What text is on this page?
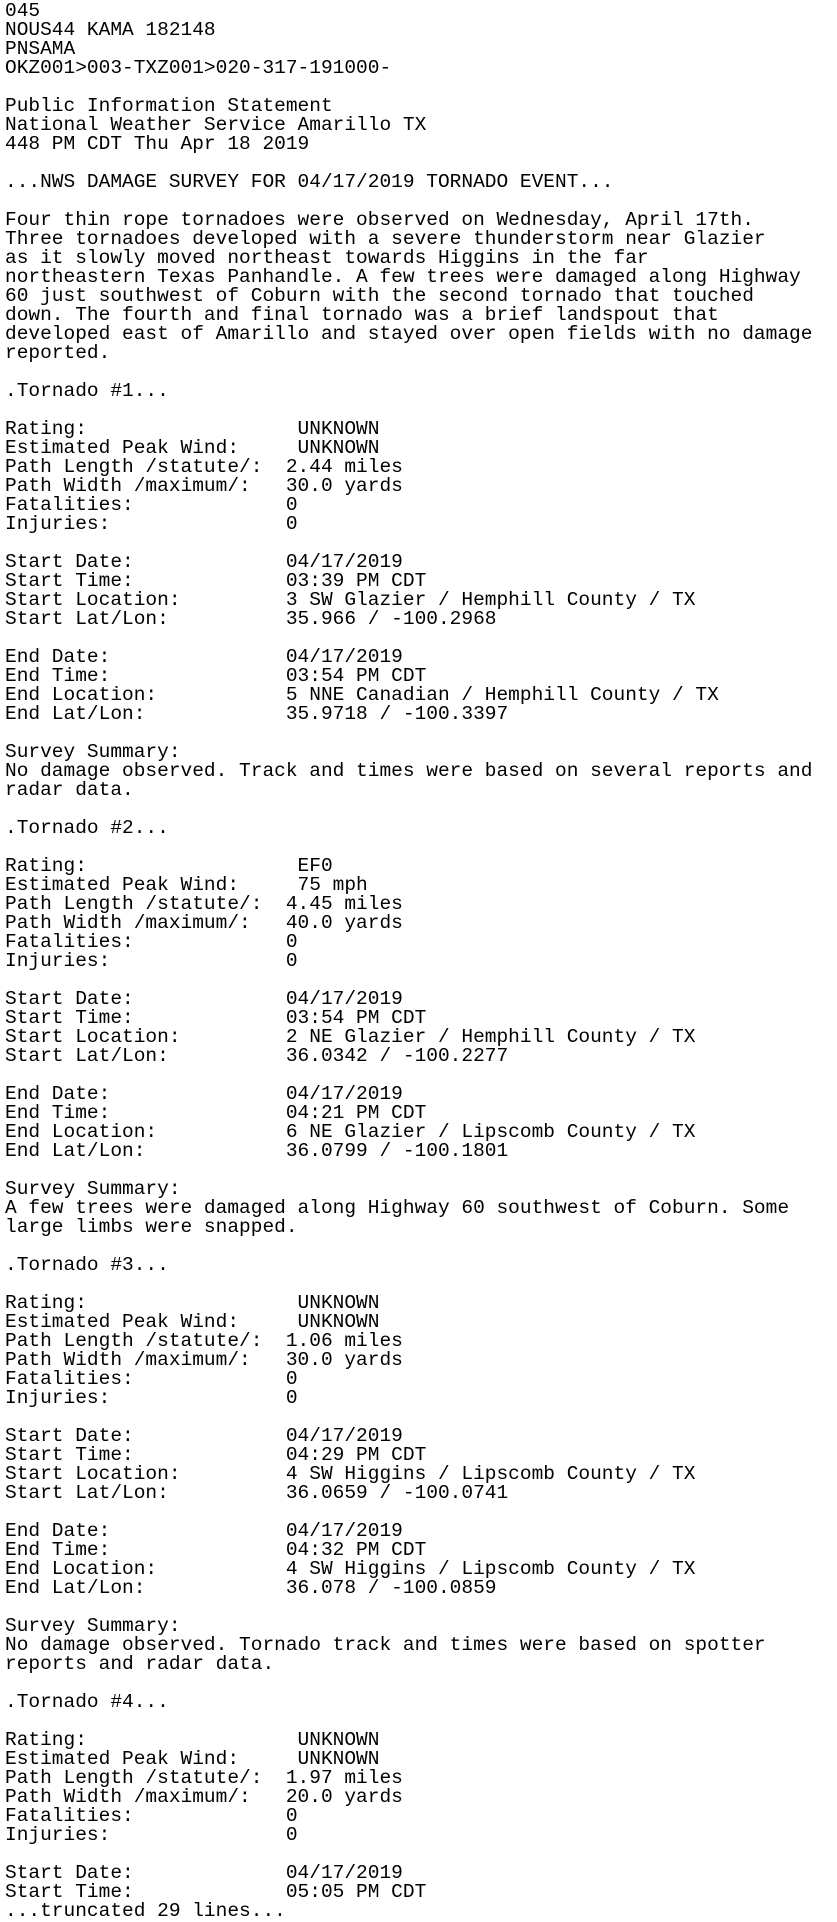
045
NOUS44 KAMA 182148
PNSAMA
OKZ001>003-TXZ001>020-317-191000-
Public Information Statement
National Weather Service Amarillo TX
448 PM CDT Thu Apr 18 2019
...NWS DAMAGE SURVEY FOR 04/17/2019 TORNADO EVENT...
Four thin rope tornadoes were observed on Wednesday, April 17th.
Three tornadoes developed with a severe thunderstorm near Glazier
as it slowly moved northeast towards Higgins in the far
northeastern Texas Panhandle. A few trees were damaged along Highway
60 just southwest of Coburn with the second tornado that touched
down. The fourth and final tornado was a brief landspout that
developed east of Amarillo and stayed over open fields with no damage
reported.
.Tornado #1...
Rating:                  UNKNOWN
Estimated Peak Wind:     UNKNOWN
Path Length /statute/:  2.44 miles
Path Width /maximum/:   30.0 yards
Fatalities:             0
Injuries:               0
Start Date:             04/17/2019
Start Time:             03:39 PM CDT
Start Location:         3 SW Glazier / Hemphill County / TX
Start Lat/Lon:          35.966 / -100.2968
End Date:               04/17/2019
End Time:               03:54 PM CDT
End Location:           5 NNE Canadian / Hemphill County / TX
End Lat/Lon:            35.9718 / -100.3397
Survey Summary:
No damage observed. Track and times were based on several reports and
radar data.
.Tornado #2...
Rating:                  EF0
Estimated Peak Wind:     75 mph
Path Length /statute/:  4.45 miles
Path Width /maximum/:   40.0 yards
Fatalities:             0
Injuries:               0
Start Date:             04/17/2019
Start Time:             03:54 PM CDT
Start Location:         2 NE Glazier / Hemphill County / TX
Start Lat/Lon:          36.0342 / -100.2277
End Date:               04/17/2019
End Time:               04:21 PM CDT
End Location:           6 NE Glazier / Lipscomb County / TX
End Lat/Lon:            36.0799 / -100.1801
Survey Summary:
A few trees were damaged along Highway 60 southwest of Coburn. Some
large limbs were snapped.
.Tornado #3...
Rating:                  UNKNOWN
Estimated Peak Wind:     UNKNOWN
Path Length /statute/:  1.06 miles
Path Width /maximum/:   30.0 yards
Fatalities:             0
Injuries:               0
Start Date:             04/17/2019
Start Time:             04:29 PM CDT
Start Location:         4 SW Higgins / Lipscomb County / TX
Start Lat/Lon:          36.0659 / -100.0741
End Date:               04/17/2019
End Time:               04:32 PM CDT
End Location:           4 SW Higgins / Lipscomb County / TX
End Lat/Lon:            36.078 / -100.0859
Survey Summary:
No damage observed. Tornado track and times were based on spotter
reports and radar data.
.Tornado #4...
Rating:                  UNKNOWN
Estimated Peak Wind:     UNKNOWN
Path Length /statute/:  1.97 miles
Path Width /maximum/:   20.0 yards
Fatalities:             0
Injuries:               0
Start Date:             04/17/2019
Start Time:             05:05 PM CDT
...truncated 29 lines...
